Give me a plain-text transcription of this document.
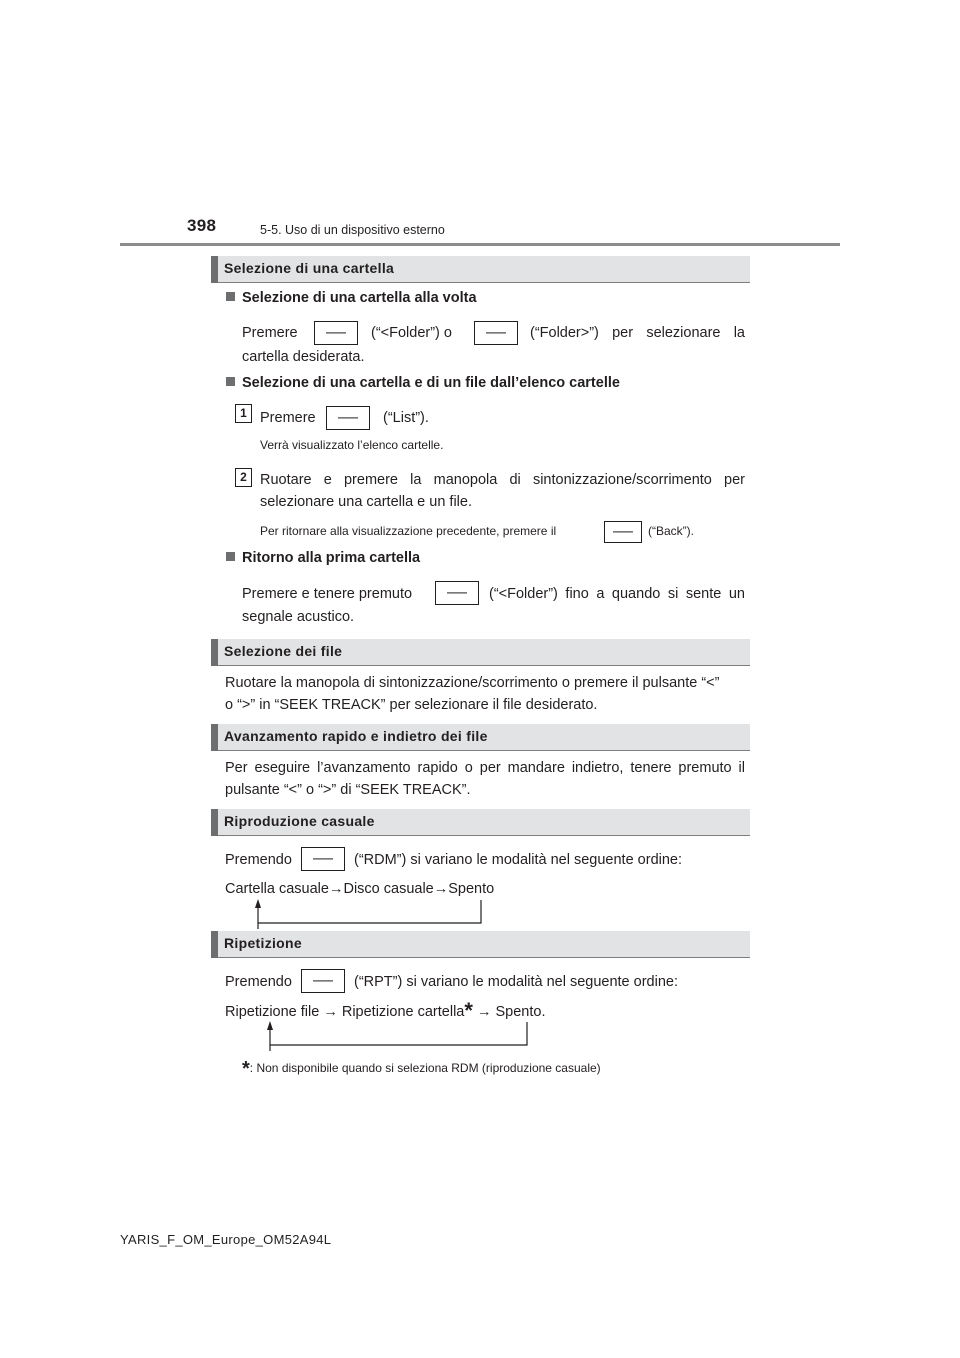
398	5-5. Uso di un dispositivo esterno
Selezione di una cartella
Selezione di una cartella alla volta
Premere	(“<Folder”) o	(“Folder>”) per selezionare la
cartella desiderata.
Selezione di una cartella e di un file dall’elenco cartelle
1 Premere	(“List”).
Verrà visualizzato l’elenco cartelle.
2 Ruotare e premere la manopola di sintonizzazione/scorrimento per
selezionare una cartella e un file.
Per ritornare alla visualizzazione precedente, premere il	(“Back”).
Ritorno alla prima cartella
Premere e tenere premuto	(“<Folder”) fino a quando si sente un
segnale acustico.
Selezione dei file
Ruotare la manopola di sintonizzazione/scorrimento o premere il pulsante “<”
o “>” in “SEEK TREACK” per selezionare il file desiderato.
Avanzamento rapido e indietro dei file
Per eseguire l’avanzamento rapido o per mandare indietro, tenere premuto il
pulsante “<” o “>” di “SEEK TREACK”.
Riproduzione casuale
Premendo	(“RDM”) si variano le modalità nel seguente ordine:
Cartella casuale→Disco casuale→Spento
Ripetizione
Premendo	(“RPT”) si variano le modalità nel seguente ordine:
Ripetizione file → Ripetizione cartella* → Spento.
*: Non disponibile quando si seleziona RDM (riproduzione casuale)
YARIS_F_OM_Europe_OM52A94L
